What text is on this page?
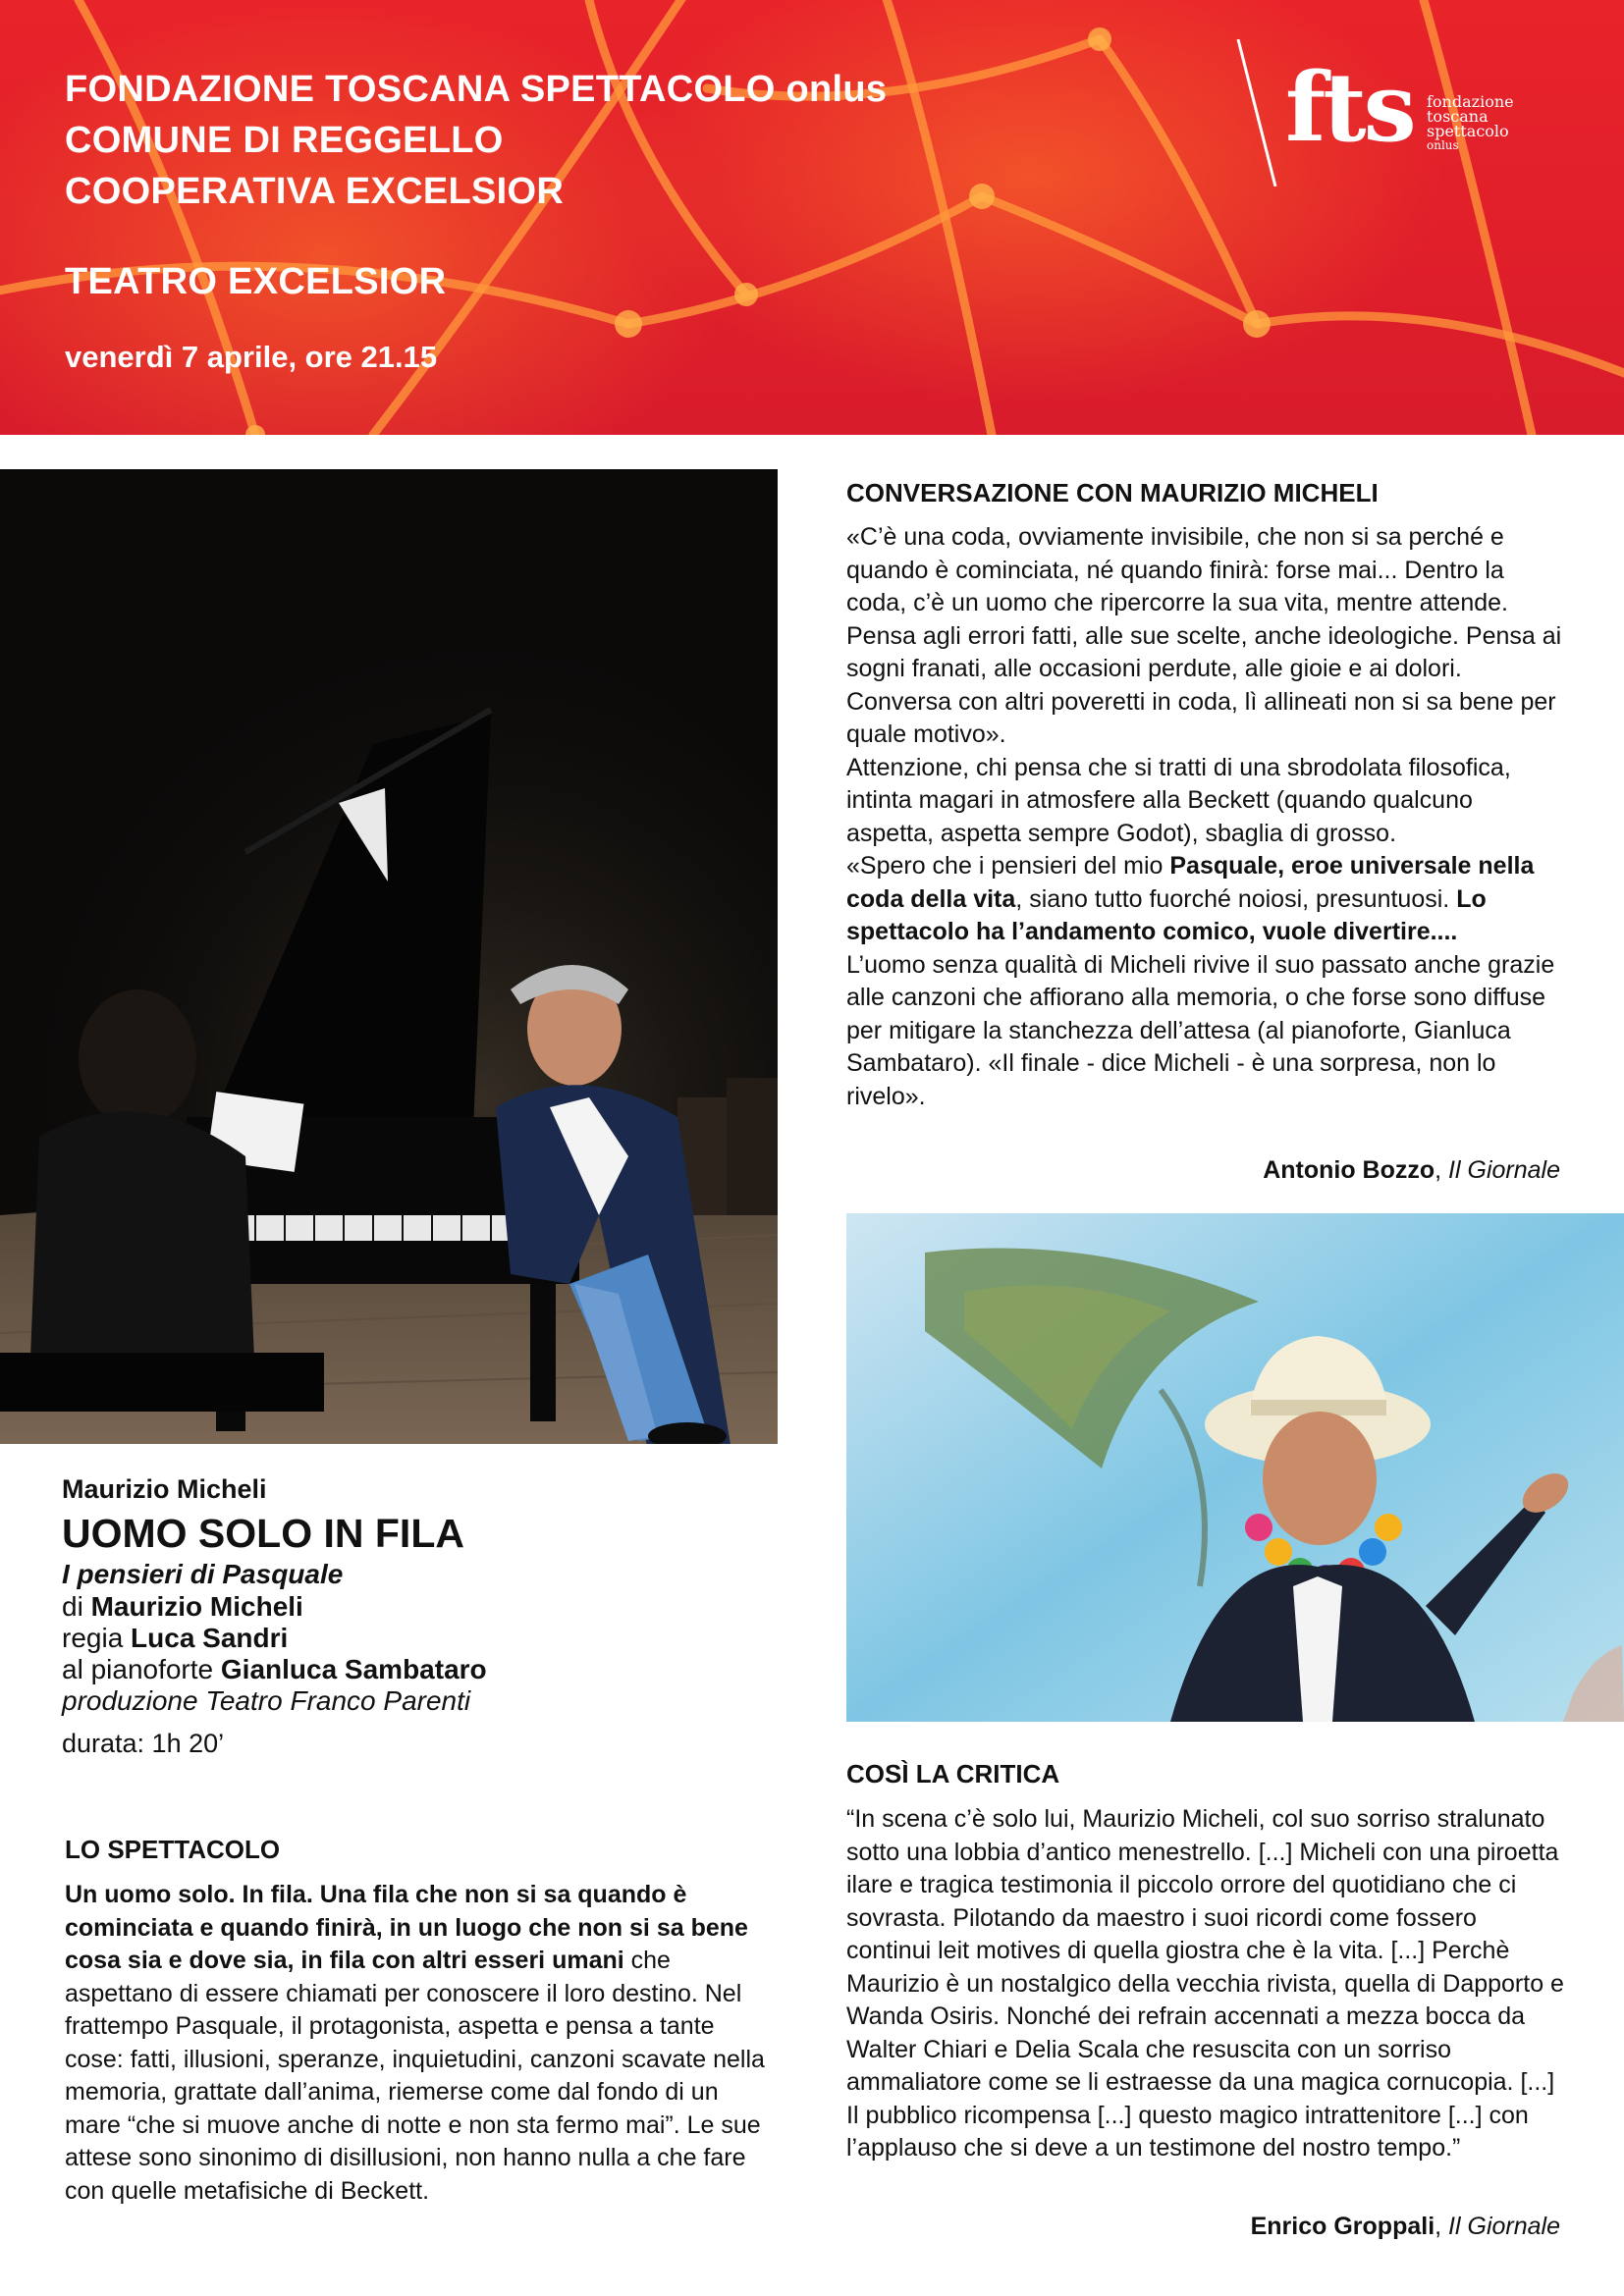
FONDAZIONE TOSCANA SPETTACOLO onlus
COMUNE DI REGGELLO
COOPERATIVA EXCELSIOR
TEATRO EXCELSIOR
venerdì 7 aprile, ore 21.15
fts fondazione
toscana
spettacolo
onlus
Maurizio Micheli
UOMO SOLO IN FILA
I pensieri di Pasquale
di Maurizio Micheli
regia Luca Sandri
al pianoforte Gianluca Sambataro
produzione Teatro Franco Parenti
durata: 1h 20’
LO SPETTACOLO

Un uomo solo. In fila. Una fila che non si sa quando è cominciata e quando finirà, in un luogo che non si sa bene cosa sia e dove sia, in fila con altri esseri umani che aspettano di essere chiamati per conoscere il loro destino. Nel frattempo Pasquale, il protagonista, aspetta e pensa a tante cose: fatti, illusioni, speranze, inquietudini, canzoni scavate nella memoria, grattate dall’anima, riemerse come dal fondo di un mare “che si muove anche di notte e non sta fermo mai”. Le sue attese sono sinonimo di disillusioni, non hanno nulla a che fare con quelle metafisiche di Beckett.

CONVERSAZIONE CON MAURIZIO MICHELI

«C’è una coda, ovviamente invisibile, che non si sa perché e quando è cominciata, né quando finirà: forse mai... Dentro la coda, c’è un uomo che ripercorre la sua vita, mentre attende. Pensa agli errori fatti, alle sue scelte, anche ideologiche. Pensa ai sogni franati, alle occasioni perdute, alle gioie e ai dolori. Conversa con altri poveretti in coda, lì allineati non si sa bene per quale motivo».

Attenzione, chi pensa che si tratti di una sbrodolata filosofica, intinta magari in atmosfere alla Beckett (quando qualcuno aspetta, aspetta sempre Godot), sbaglia di grosso.

«Spero che i pensieri del mio Pasquale, eroe universale nella coda della vita, siano tutto fuorché noiosi, presuntuosi. Lo spettacolo ha l’andamento comico, vuole divertire....

L’uomo senza qualità di Micheli rivive il suo passato anche grazie alle canzoni che affiorano alla memoria, o che forse sono diffuse per mitigare la stanchezza dell’attesa (al pianoforte, Gianluca Sambataro). «Il finale - dice Micheli - è una sorpresa, non lo rivelo».

Antonio Bozzo, Il Giornale
COSÌ LA CRITICA

“In scena c’è solo lui, Maurizio Micheli, col suo sorriso stralunato sotto una lobbia d’antico menestrello. [...] Micheli con una piroetta ilare e tragica testimonia il piccolo orrore del quotidiano che ci sovrasta. Pilotando da maestro i suoi ricordi come fossero continui leit motives di quella giostra che è la vita. [...] Perchè Maurizio è un nostalgico della vecchia rivista, quella di Dapporto e Wanda Osiris. Nonché dei refrain accennati a mezza bocca da Walter Chiari e Delia Scala che resuscita con un sorriso ammaliatore come se li estraesse da una magica cornucopia. [...] Il pubblico ricompensa [...] questo magico intrattenitore [...] con l’applauso che si deve a un testimone del nostro tempo.”

Enrico Groppali, Il Giornale
